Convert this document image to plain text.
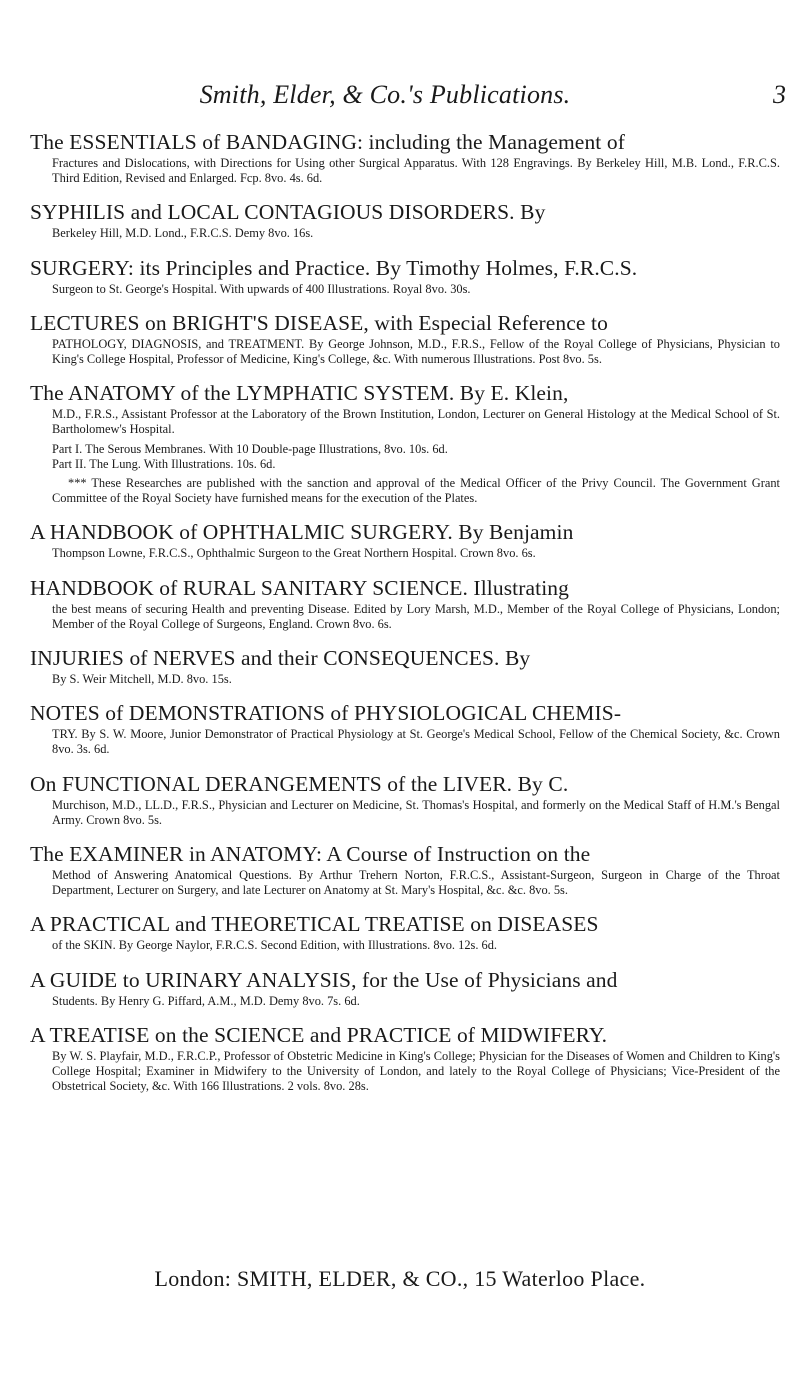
Smith, Elder, & Co.'s Publications.	3
The ESSENTIALS of BANDAGING: including the Management of

Fractures and Dislocations, with Directions for Using other Surgical Apparatus. With 128 Engravings. By Berkeley Hill, M.B. Lond., F.R.C.S. Third Edition, Revised and Enlarged. Fcp. 8vo. 4s. 6d.

SYPHILIS and LOCAL CONTAGIOUS DISORDERS. By

Berkeley Hill, M.D. Lond., F.R.C.S. Demy 8vo. 16s.

SURGERY: its Principles and Practice. By Timothy Holmes, F.R.C.S.

Surgeon to St. George's Hospital. With upwards of 400 Illustrations. Royal 8vo. 30s.

LECTURES on BRIGHT'S DISEASE, with Especial Reference to

PATHOLOGY, DIAGNOSIS, and TREATMENT. By George Johnson, M.D., F.R.S., Fellow of the Royal College of Physicians, Physician to King's College Hospital, Professor of Medicine, King's College, &c. With numerous Illustrations. Post 8vo. 5s.

The ANATOMY of the LYMPHATIC SYSTEM. By E. Klein,

M.D., F.R.S., Assistant Professor at the Laboratory of the Brown Institution, London, Lecturer on General Histology at the Medical School of St. Bartholomew's Hospital.

Part I. The Serous Membranes. With 10 Double-page Illustrations, 8vo. 10s. 6d.

Part II. The Lung. With Illustrations. 10s. 6d.

*** These Researches are published with the sanction and approval of the Medical Officer of the Privy Council. The Government Grant Committee of the Royal Society have furnished means for the execution of the Plates.

A HANDBOOK of OPHTHALMIC SURGERY. By Benjamin

Thompson Lowne, F.R.C.S., Ophthalmic Surgeon to the Great Northern Hospital. Crown 8vo. 6s.

HANDBOOK of RURAL SANITARY SCIENCE. Illustrating

the best means of securing Health and preventing Disease. Edited by Lory Marsh, M.D., Member of the Royal College of Physicians, London; Member of the Royal College of Surgeons, England. Crown 8vo. 6s.

INJURIES of NERVES and their CONSEQUENCES. By

By S. Weir Mitchell, M.D. 8vo. 15s.

NOTES of DEMONSTRATIONS of PHYSIOLOGICAL CHEMIS-

TRY. By S. W. Moore, Junior Demonstrator of Practical Physiology at St. George's Medical School, Fellow of the Chemical Society, &c. Crown 8vo. 3s. 6d.

On FUNCTIONAL DERANGEMENTS of the LIVER. By C.

Murchison, M.D., LL.D., F.R.S., Physician and Lecturer on Medicine, St. Thomas's Hospital, and formerly on the Medical Staff of H.M.'s Bengal Army. Crown 8vo. 5s.

The EXAMINER in ANATOMY: A Course of Instruction on the

Method of Answering Anatomical Questions. By Arthur Trehern Norton, F.R.C.S., Assistant-Surgeon, Surgeon in Charge of the Throat Department, Lecturer on Surgery, and late Lecturer on Anatomy at St. Mary's Hospital, &c. &c. 8vo. 5s.

A PRACTICAL and THEORETICAL TREATISE on DISEASES

of the SKIN. By George Naylor, F.R.C.S. Second Edition, with Illustrations. 8vo. 12s. 6d.

A GUIDE to URINARY ANALYSIS, for the Use of Physicians and

Students. By Henry G. Piffard, A.M., M.D. Demy 8vo. 7s. 6d.

A TREATISE on the SCIENCE and PRACTICE of MIDWIFERY.

By W. S. Playfair, M.D., F.R.C.P., Professor of Obstetric Medicine in King's College; Physician for the Diseases of Women and Children to King's College Hospital; Examiner in Midwifery to the University of London, and lately to the Royal College of Physicians; Vice-President of the Obstetrical Society, &c. With 166 Illustrations. 2 vols. 8vo. 28s.

London: SMITH, ELDER, & CO., 15 Waterloo Place.
